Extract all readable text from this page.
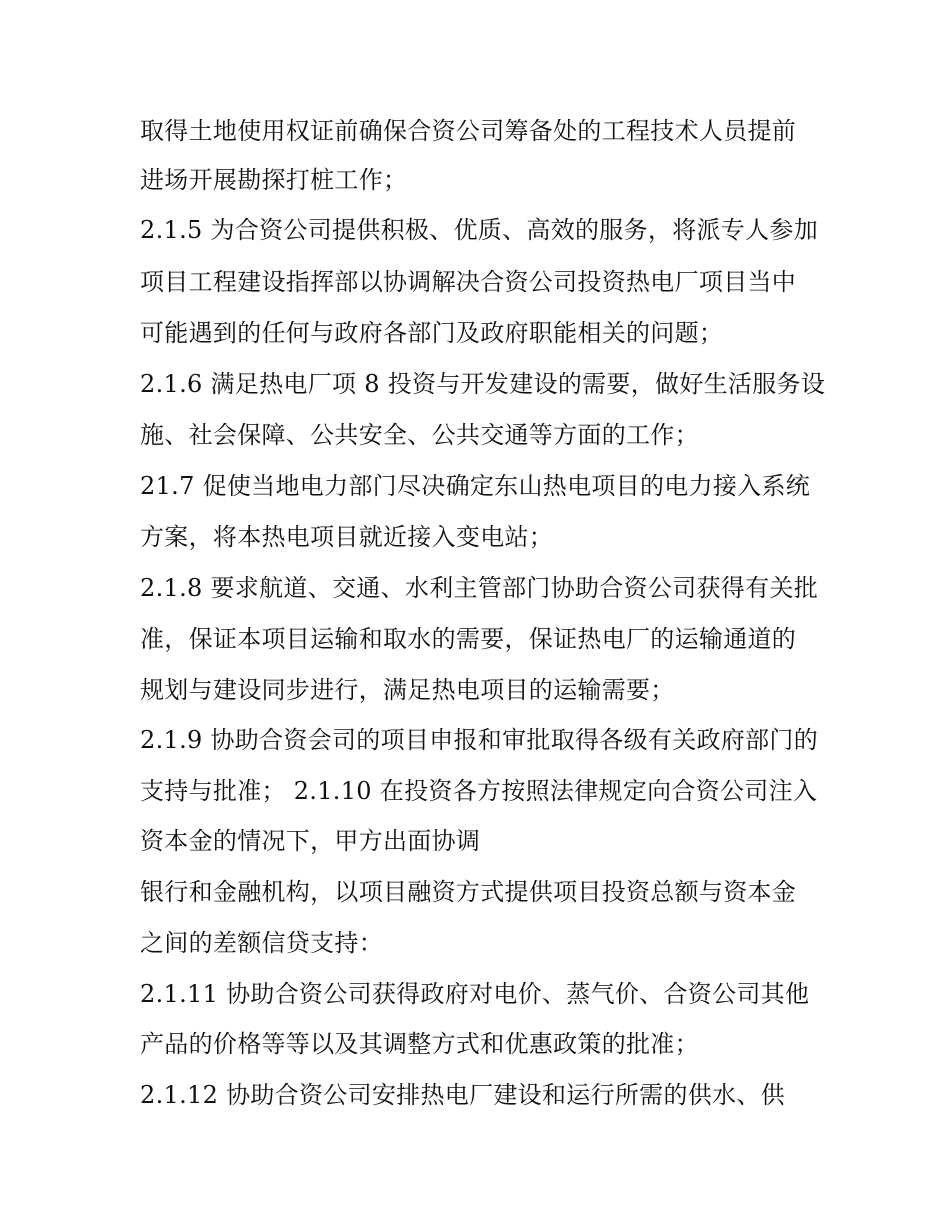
取得土地使用权证前确保合资公司筹备处的工程技术人员提前
进场开展勘探打桩工作；
2.1.5 为合资公司提供积极、优质、高效的服务，将派专人参加
项目工程建设指挥部以协调解决合资公司投资热电厂项目当中
可能遇到的任何与政府各部门及政府职能相关的问题；
2.1.6 满足热电厂项 8 投资与开发建设的需要，做好生活服务设
施、社会保障、公共安全、公共交通等方面的工作；
21.7 促使当地电力部门尽决确定东山热电项目的电力接入系统
方案，将本热电项目就近接入变电站；
2.1.8 要求航道、交通、水利主管部门协助合资公司获得有关批
准，保证本项目运输和取水的需要，保证热电厂的运输通道的
规划与建设同步进行，满足热电项目的运输需要；
2.1.9 协助合资会司的项目申报和审批取得各级有关政府部门的
支持与批准； 2.1.10 在投资各方按照法律规定向合资公司注入
资本金的情况下，甲方出面协调
银行和金融机构，以项目融资方式提供项目投资总额与资本金
之间的差额信贷支持：
2.1.11 协助合资公司获得政府对电价、蒸气价、合资公司其他
产品的价格等等以及其调整方式和优惠政策的批准；
2.1.12 协助合资公司安排热电厂建设和运行所需的供水、供
